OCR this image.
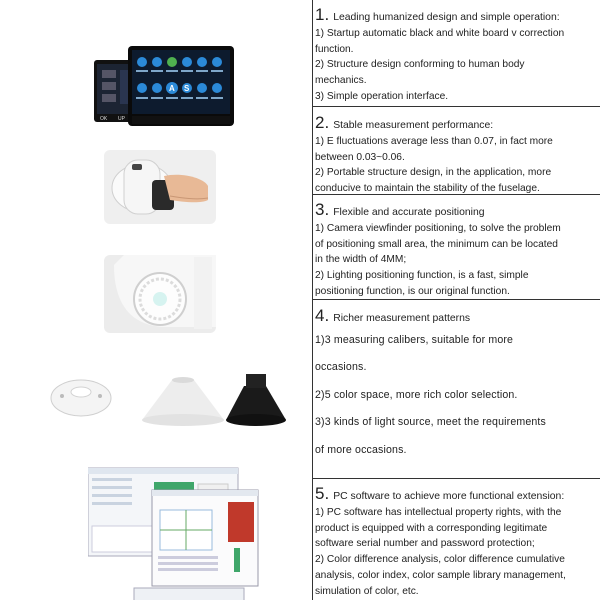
1. Leading humanized design and simple operation:
1) Startup automatic black and white board v correction
function.
2) Structure design conforming to human body
mechanics.
3) Simple operation interface.
2. Stable measurement performance:
1) E fluctuations average less than 0.07, in fact more
between 0.03~0.06.
2) Portable structure design, in the application, more
conducive to maintain the stability of the fuselage.
3. Flexible and accurate positioning
1) Camera viewfinder positioning, to solve the problem
of positioning small area, the minimum can be located
in the width of 4MM;
2) Lighting positioning function, is a fast, simple
positioning function, is our original function.
4. Richer measurement patterns
1)3 measuring calibers, suitable for more
occasions.
2)5 color space, more rich color selection.
3)3 kinds of light source, meet the requirements
of more occasions.
5. PC software to achieve more functional extension:
1) PC software has intellectual property rights, with the
product is equipped with a corresponding legitimate
software serial number and password protection;
2) Color difference analysis, color difference cumulative
analysis, color index, color sample library management,
simulation of color, etc.
OK UP
A S
